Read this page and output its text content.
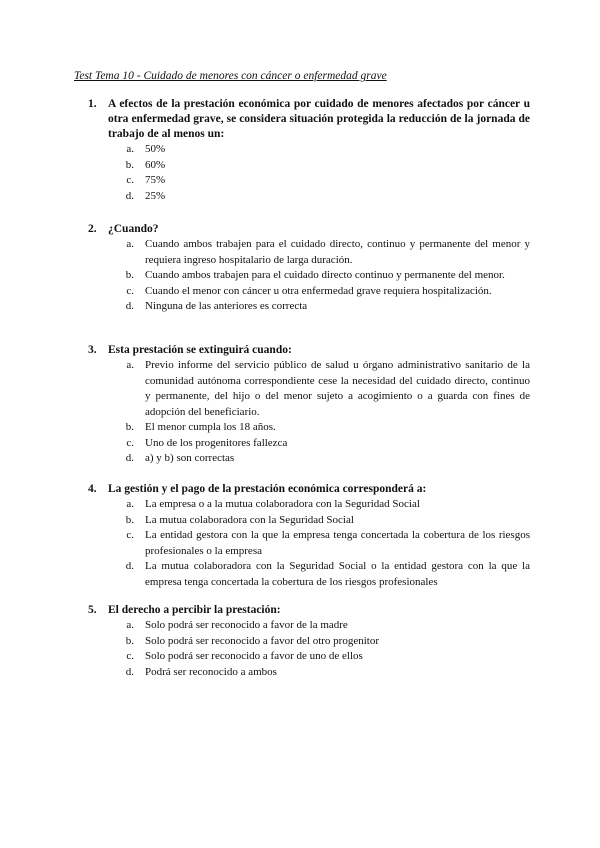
Test Tema 10 - Cuidado de menores con cáncer o enfermedad grave
1. A efectos de la prestación económica por cuidado de menores afectados por cáncer u otra enfermedad grave, se considera situación protegida la reducción de la jornada de trabajo de al menos un:
a.	50%
b.	60%
c.	75%
d.	25%
2. ¿Cuando?
a.	Cuando ambos trabajen para el cuidado directo, continuo y permanente del menor y requiera ingreso hospitalario de larga duración.
b.	Cuando ambos trabajen para el cuidado directo continuo y permanente del menor.
c.	Cuando el menor con cáncer u otra enfermedad grave requiera hospitalización.
d.	Ninguna de las anteriores es correcta
3. Esta prestación se extinguirá cuando:
a.	Previo informe del servicio público de salud u órgano administrativo sanitario de la comunidad autónoma correspondiente cese la necesidad del cuidado directo, continuo y permanente, del hijo o del menor sujeto a acogimiento o a guarda con fines de adopción del beneficiario.
b.	El menor cumpla los 18 años.
c.	Uno de los progenitores fallezca
d.	a) y b) son correctas
4. La gestión y el pago de la prestación económica corresponderá a:
a.	La empresa o a la mutua colaboradora con la Seguridad Social
b.	La mutua colaboradora con la Seguridad Social
c.	La entidad gestora con la que la empresa tenga concertada la cobertura de los riesgos profesionales o la empresa
d.	La mutua colaboradora con la Seguridad Social o la entidad gestora con la que la empresa tenga concertada la cobertura de los riesgos profesionales
5. El derecho a percibir la prestación:
a.	Solo podrá ser reconocido a favor de la madre
b.	Solo podrá ser reconocido a favor del otro progenitor
c.	Solo podrá ser reconocido a favor de uno de ellos
d.	Podrá ser reconocido a ambos
